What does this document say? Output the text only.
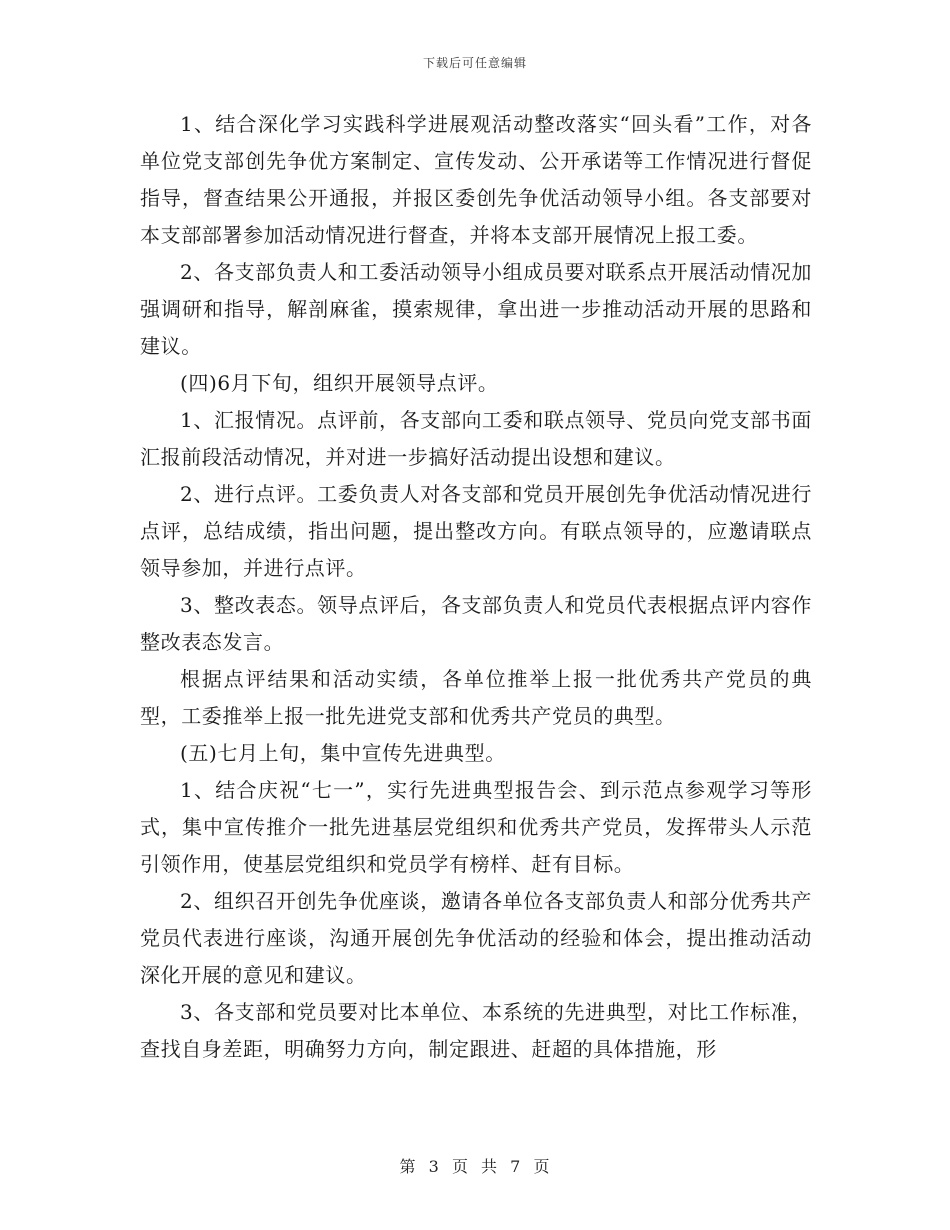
下载后可任意编辑

1、结合深化学习实践科学进展观活动整改落实“回头看”工作，对各单位党支部创先争优方案制定、宣传发动、公开承诺等工作情况进行督促指导，督查结果公开通报，并报区委创先争优活动领导小组。各支部要对本支部部署参加活动情况进行督查，并将本支部开展情况上报工委。

2、各支部负责人和工委活动领导小组成员要对联系点开展活动情况加强调研和指导，解剖麻雀，摸索规律，拿出进一步推动活动开展的思路和建议。

(四)6月下旬，组织开展领导点评。

1、汇报情况。点评前，各支部向工委和联点领导、党员向党支部书面汇报前段活动情况，并对进一步搞好活动提出设想和建议。

2、进行点评。工委负责人对各支部和党员开展创先争优活动情况进行点评，总结成绩，指出问题，提出整改方向。有联点领导的，应邀请联点领导参加，并进行点评。

3、整改表态。领导点评后，各支部负责人和党员代表根据点评内容作整改表态发言。

根据点评结果和活动实绩，各单位推举上报一批优秀共产党员的典型，工委推举上报一批先进党支部和优秀共产党员的典型。

(五)七月上旬，集中宣传先进典型。

1、结合庆祝“七一”，实行先进典型报告会、到示范点参观学习等形式，集中宣传推介一批先进基层党组织和优秀共产党员，发挥带头人示范引领作用，使基层党组织和党员学有榜样、赶有目标。

2、组织召开创先争优座谈，邀请各单位各支部负责人和部分优秀共产党员代表进行座谈，沟通开展创先争优活动的经验和体会，提出推动活动深化开展的意见和建议。

3、各支部和党员要对比本单位、本系统的先进典型，对比工作标准，查找自身差距，明确努力方向，制定跟进、赶超的具体措施，形

第 3 页 共 7 页
